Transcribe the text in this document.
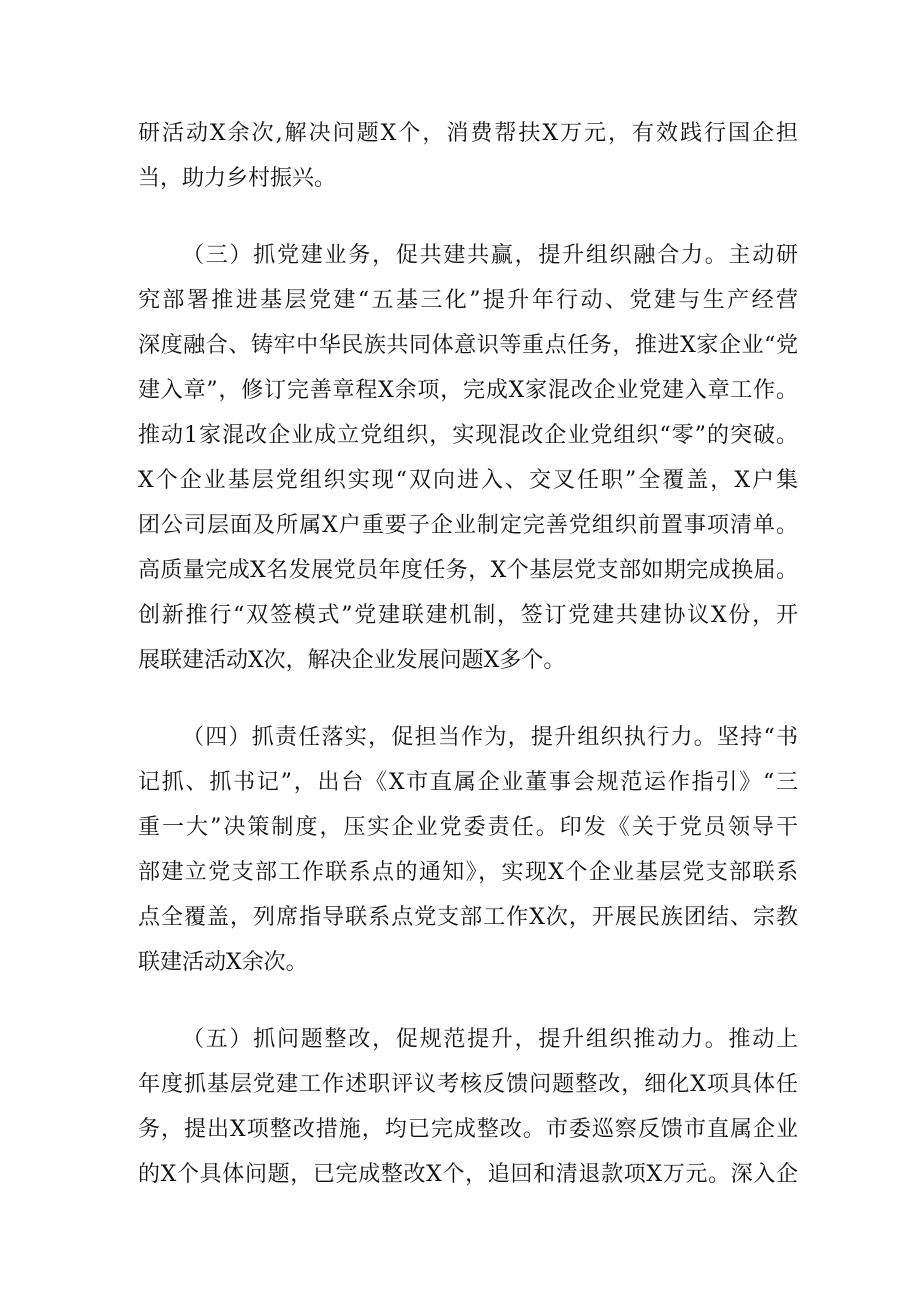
研活动X余次,解决问题X个，消费帮扶X万元，有效践行国企担
当，助力乡村振兴。
（三）抓党建业务，促共建共赢，提升组织融合力。主动研
究部署推进基层党建“五基三化”提升年行动、党建与生产经营
深度融合、铸牢中华民族共同体意识等重点任务，推进X家企业“党
建入章”，修订完善章程X余项，完成X家混改企业党建入章工作。
推动1家混改企业成立党组织，实现混改企业党组织“零”的突破。
X个企业基层党组织实现“双向进入、交叉任职”全覆盖，X户集
团公司层面及所属X户重要子企业制定完善党组织前置事项清单。
高质量完成X名发展党员年度任务，X个基层党支部如期完成换届。
创新推行“双签模式”党建联建机制，签订党建共建协议X份，开
展联建活动X次，解决企业发展问题X多个。
（四）抓责任落实，促担当作为，提升组织执行力。坚持“书
记抓、抓书记”，出台《X市直属企业董事会规范运作指引》“三
重一大”决策制度，压实企业党委责任。印发《关于党员领导干
部建立党支部工作联系点的通知》，实现X个企业基层党支部联系
点全覆盖，列席指导联系点党支部工作X次，开展民族团结、宗教
联建活动X余次。
（五）抓问题整改，促规范提升，提升组织推动力。推动上
年度抓基层党建工作述职评议考核反馈问题整改，细化X项具体任
务，提出X项整改措施，均已完成整改。市委巡察反馈市直属企业
的X个具体问题，已完成整改X个，追回和清退款项X万元。深入企
